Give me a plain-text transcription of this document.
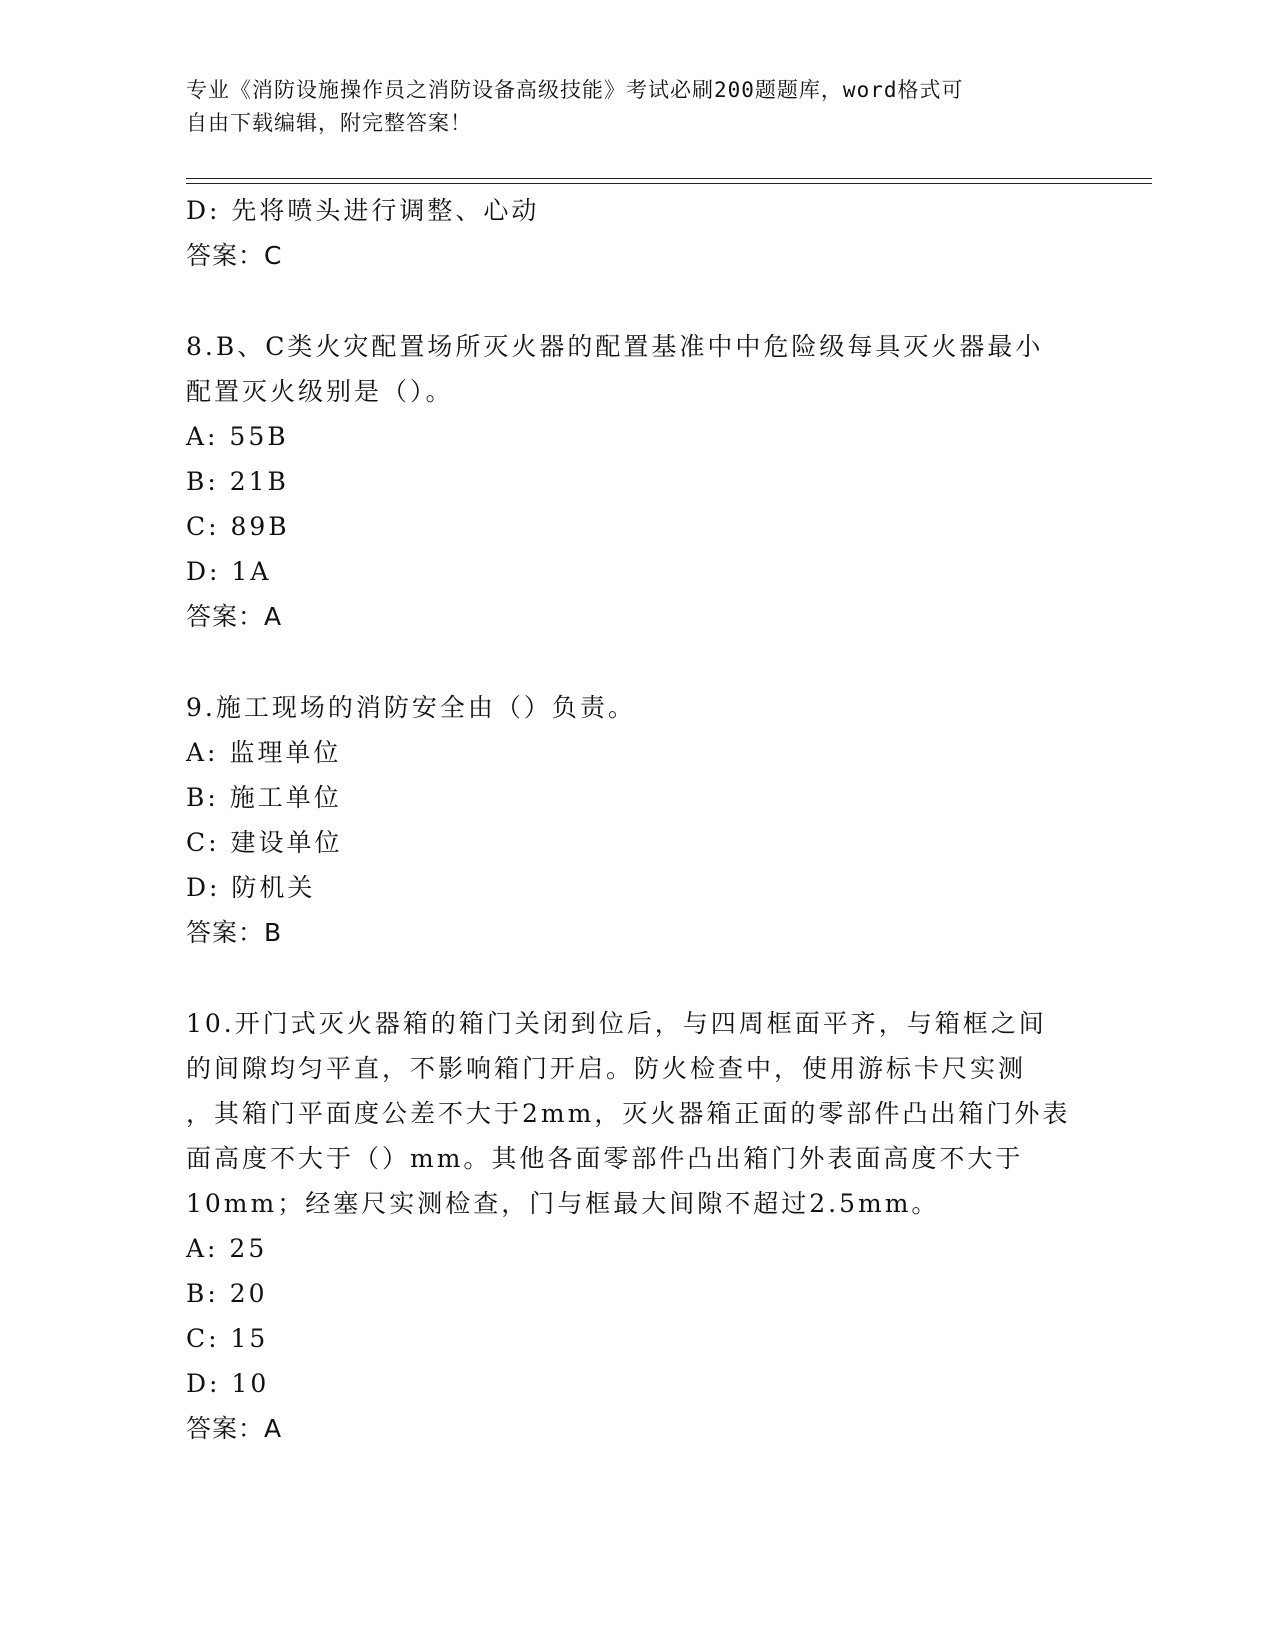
专业《消防设施操作员之消防设备高级技能》考试必刷200题题库，word格式可
自由下载编辑，附完整答案！
D: 先将喷头进行调整、心动
答案：C
8.B、C类火灾配置场所灭火器的配置基准中中危险级每具灭火器最小
配置灭火级别是（）。
A: 55B
B: 21B
C: 89B
D: 1A
答案：A
9.施工现场的消防安全由（）负责。
A: 监理单位
B: 施工单位
C: 建设单位
D: 防机关
答案：B
10.开门式灭火器箱的箱门关闭到位后，与四周框面平齐，与箱框之间
的间隙均匀平直，不影响箱门开启。防火检查中，使用游标卡尺实测
，其箱门平面度公差不大于2mm，灭火器箱正面的零部件凸出箱门外表
面高度不大于（）mm。其他各面零部件凸出箱门外表面高度不大于
10mm；经塞尺实测检查，门与框最大间隙不超过2.5mm。
A: 25
B: 20
C: 15
D: 10
答案：A
